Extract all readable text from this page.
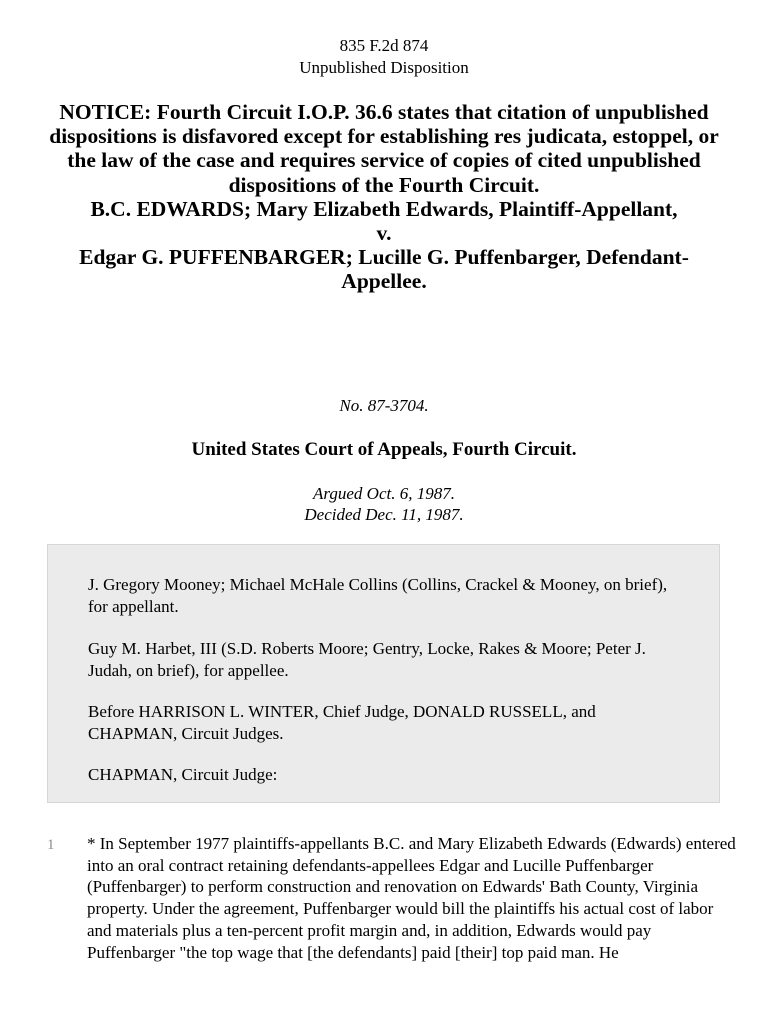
835 F.2d 874
Unpublished Disposition
NOTICE: Fourth Circuit I.O.P. 36.6 states that citation of unpublished dispositions is disfavored except for establishing res judicata, estoppel, or the law of the case and requires service of copies of cited unpublished dispositions of the Fourth Circuit.
B.C. EDWARDS; Mary Elizabeth Edwards, Plaintiff-Appellant,
v.
Edgar G. PUFFENBARGER; Lucille G. Puffenbarger, Defendant-Appellee.
No. 87-3704.
United States Court of Appeals, Fourth Circuit.
Argued Oct. 6, 1987.
Decided Dec. 11, 1987.

J. Gregory Mooney; Michael McHale Collins (Collins, Crackel & Mooney, on brief), for appellant.

Guy M. Harbet, III (S.D. Roberts Moore; Gentry, Locke, Rakes & Moore; Peter J. Judah, on brief), for appellee.

Before HARRISON L. WINTER, Chief Judge, DONALD RUSSELL, and CHAPMAN, Circuit Judges.

CHAPMAN, Circuit Judge:

1 * In September 1977 plaintiffs-appellants B.C. and Mary Elizabeth Edwards (Edwards) entered into an oral contract retaining defendants-appellees Edgar and Lucille Puffenbarger (Puffenbarger) to perform construction and renovation on Edwards' Bath County, Virginia property. Under the agreement, Puffenbarger would bill the plaintiffs his actual cost of labor and materials plus a ten-percent profit margin and, in addition, Edwards would pay Puffenbarger "the top wage that [the defendants] paid [their] top paid man. He
